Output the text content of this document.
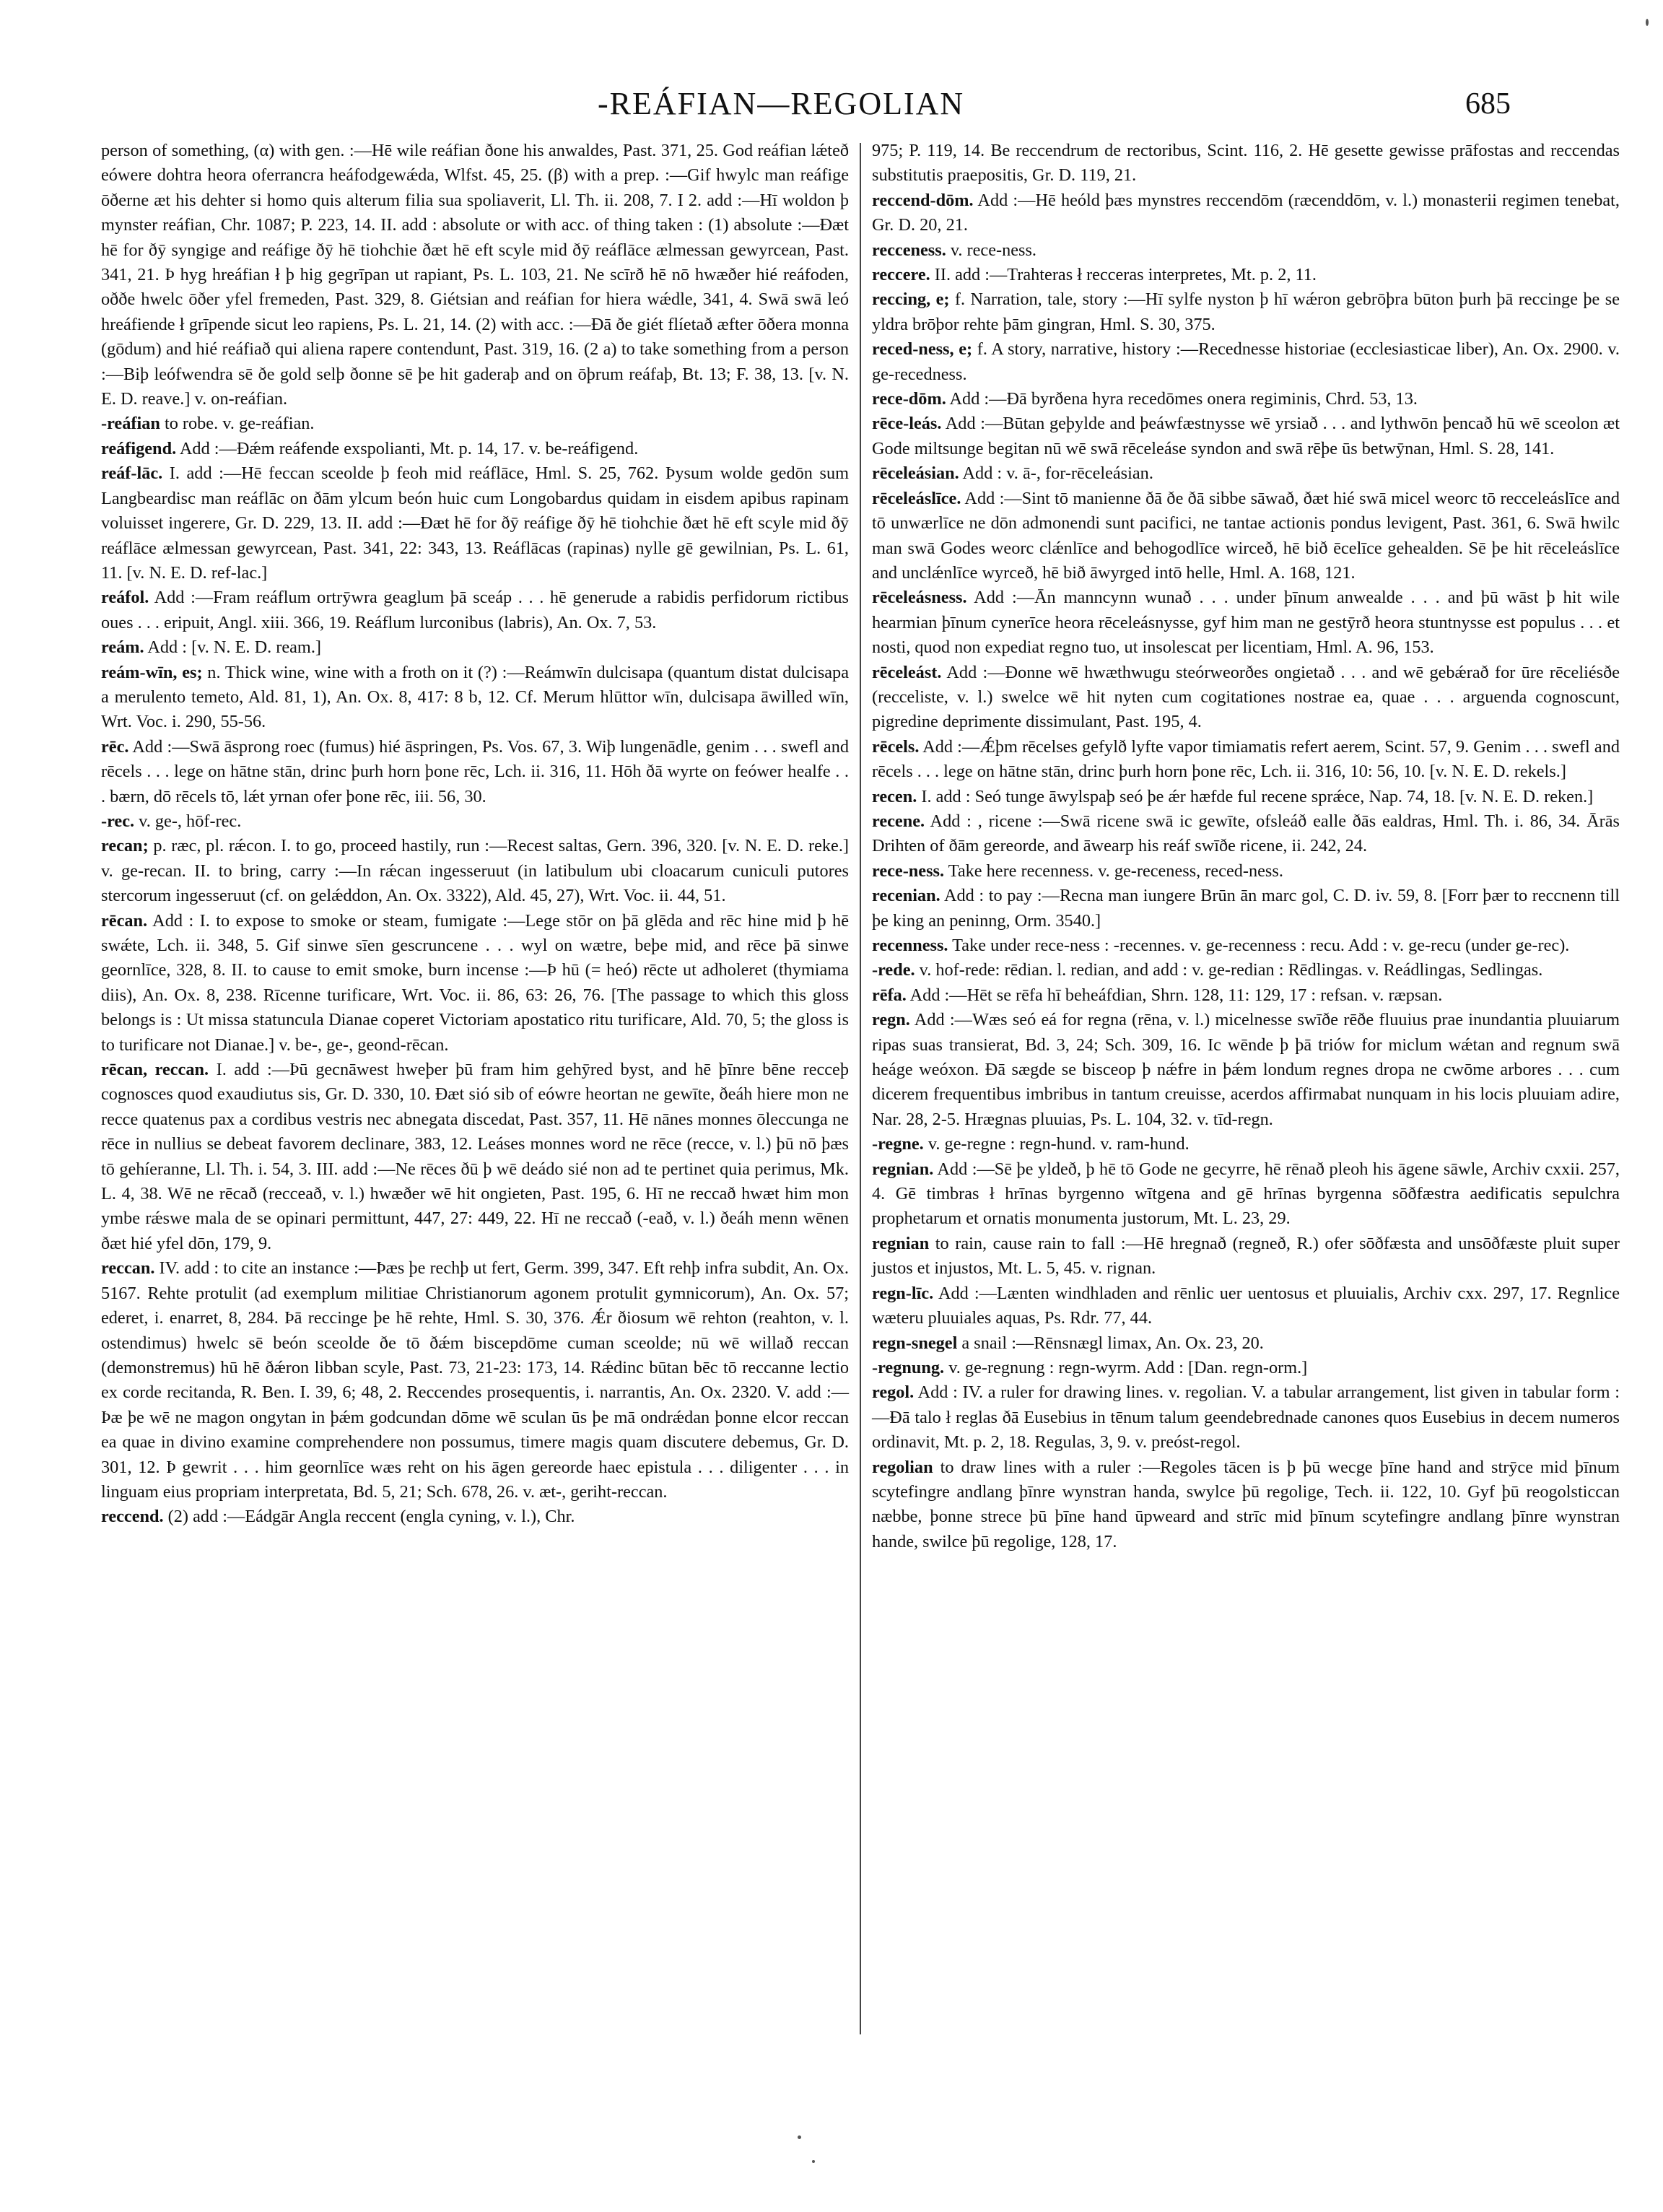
-REÁFIAN—REGOLIAN	685

person of something, (α) with gen. :—Hē wile reáfian ðone his anwaldes, Past. 371, 25. God reáfian lǽteð eówere dohtra heora oferrancra heáfodgewǽda, Wlfst. 45, 25. (β) with a prep. :—Gif hwylc man reáfige ōðerne æt his dehter si homo quis alterum filia sua spoliaverit, Ll. Th. ii. 208, 7. I 2. add :—Hī woldon þ mynster reáfian, Chr. 1087; P. 223, 14. II. add : absolute or with acc. of thing taken : (1) absolute :—Ðæt hē for ðȳ syngige and reáfige ðȳ hē tiohchie ðæt hē eft scyle mid ðȳ reáflāce ælmessan gewyrcean, Past. 341, 21. Þ hyg hreáfian ł þ hig gegrīpan ut rapiant, Ps. L. 103, 21. Ne scīrð hē nō hwæðer hié reáfoden, oððe hwelc ōðer yfel fremeden, Past. 329, 8. Giétsian and reáfian for hiera wǽdle, 341, 4. Swā swā leó hreáfiende ł grīpende sicut leo rapiens, Ps. L. 21, 14. (2) with acc. :—Ðā ðe giét flíetað æfter ōðera monna (gōdum) and hié reáfiað qui aliena rapere contendunt, Past. 319, 16. (2 a) to take something from a person :—Biþ leófwendra sē ðe gold selþ ðonne sē þe hit gaderaþ and on ōþrum reáfaþ, Bt. 13; F. 38, 13. [v. N. E. D. reave.] v. on-reáfian.

-reáfian to robe. v. ge-reáfian.

reáfigend. Add :—Ðǽm reáfende exspolianti, Mt. p. 14, 17. v. be-reáfigend.

reáf-lāc. I. add :—Hē feccan sceolde þ feoh mid reáflāce, Hml. S. 25, 762. Þysum wolde gedōn sum Langbeardisc man reáflāc on ðām ylcum beón huic cum Longobardus quidam in eisdem apibus rapinam voluisset ingerere, Gr. D. 229, 13. II. add :—Ðæt hē for ðȳ reáfige ðȳ hē tiohchie ðæt hē eft scyle mid ðȳ reáflāce ælmessan gewyrcean, Past. 341, 22: 343, 13. Reáflācas (rapinas) nylle gē gewilnian, Ps. L. 61, 11. [v. N. E. D. ref-lac.]

reáfol. Add :—Fram reáflum ortrȳwra geaglum þā sceáp . . . hē generude a rabidis perfidorum rictibus oues . . . eripuit, Angl. xiii. 366, 19. Reáflum lurconibus (labris), An. Ox. 7, 53.

reám. Add : [v. N. E. D. ream.]

reám-wīn, es; n. Thick wine, wine with a froth on it (?) :—Reámwīn dulcisapa (quantum distat dulcisapa a merulento temeto, Ald. 81, 1), An. Ox. 8, 417: 8 b, 12. Cf. Merum hlūttor wīn, dulcisapa āwilled wīn, Wrt. Voc. i. 290, 55-56.

rēc. Add :—Swā āsprong roec (fumus) hié āspringen, Ps. Vos. 67, 3. Wiþ lungenādle, genim . . . swefl and rēcels . . . lege on hātne stān, drinc þurh horn þone rēc, Lch. ii. 316, 11. Hōh ðā wyrte on feówer healfe . . . bærn, dō rēcels tō, lǽt yrnan ofer þone rēc, iii. 56, 30.

-rec. v. ge-, hōf-rec.

recan; p. ræc, pl. rǽcon. I. to go, proceed hastily, run :—Recest saltas, Gern. 396, 320. [v. N. E. D. reke.] v. ge-recan. II. to bring, carry :—In rǽcan ingesseruut (in latibulum ubi cloacarum cuniculi putores stercorum ingesseruut (cf. on gelǽddon, An. Ox. 3322), Ald. 45, 27), Wrt. Voc. ii. 44, 51.

rēcan. Add : I. to expose to smoke or steam, fumigate :—Lege stōr on þā glēda and rēc hine mid þ hē swǽte, Lch. ii. 348, 5. Gif sinwe sīen gescruncene . . . wyl on wætre, beþe mid, and rēce þā sinwe geornlīce, 328, 8. II. to cause to emit smoke, burn incense :—Þ hū (= heó) rēcte ut adholeret (thymiama diis), An. Ox. 8, 238. Rīcenne turificare, Wrt. Voc. ii. 86, 63: 26, 76. [The passage to which this gloss belongs is : Ut missa statuncula Dianae coperet Victoriam apostatico ritu turificare, Ald. 70, 5; the gloss is to turificare not Dianae.] v. be-, ge-, geond-rēcan.

rēcan, reccan. I. add :—Þū gecnāwest hweþer þū fram him gehȳred byst, and hē þīnre bēne recceþ cognosces quod exaudiutus sis, Gr. D. 330, 10. Ðæt sió sib of eówre heortan ne gewīte, ðeáh hiere mon ne recce quatenus pax a cordibus vestris nec abnegata discedat, Past. 357, 11. Hē nānes monnes ōleccunga ne rēce in nullius se debeat favorem declinare, 383, 12. Leáses monnes word ne rēce (recce, v. l.) þū nō þæs tō gehíeranne, Ll. Th. i. 54, 3. III. add :—Ne rēces ðū þ wē deádo sié non ad te pertinet quia perimus, Mk. L. 4, 38. Wē ne rēcað (recceað, v. l.) hwæðer wē hit ongieten, Past. 195, 6. Hī ne reccað hwæt him mon ymbe rǽswe mala de se opinari permittunt, 447, 27: 449, 22. Hī ne reccað (-eað, v. l.) ðeáh menn wēnen ðæt hié yfel dōn, 179, 9.

reccan. IV. add : to cite an instance :—Þæs þe rechþ ut fert, Germ. 399, 347. Eft rehþ infra subdit, An. Ox. 5167. Rehte protulit (ad exemplum militiae Christianorum agonem protulit gymnicorum), An. Ox. 57; ederet, i. enarret, 8, 284. Þā reccinge þe hē rehte, Hml. S. 30, 376. Ǽr ðiosum wē rehton (reahton, v. l. ostendimus) hwelc sē beón sceolde ðe tō ðǽm biscepdōme cuman sceolde; nū wē willað reccan (demonstremus) hū hē ðǽron libban scyle, Past. 73, 21-23: 173, 14. Rǽdinc būtan bēc tō reccanne lectio ex corde recitanda, R. Ben. I. 39, 6; 48, 2. Reccendes prosequentis, i. narrantis, An. Ox. 2320. V. add :—Þæ þe wē ne magon ongytan in þǽm godcundan dōme wē sculan ūs þe mā ondrǽdan þonne elcor reccan ea quae in divino examine comprehendere non possumus, timere magis quam discutere debemus, Gr. D. 301, 12. Þ gewrit . . . him geornlīce wæs reht on his āgen gereorde haec epistula . . . diligenter . . . in linguam eius propriam interpretata, Bd. 5, 21; Sch. 678, 26. v. æt-, geriht-reccan.

reccend. (2) add :—Eádgār Angla reccent (engla cyning, v. l.), Chr.

975; P. 119, 14. Be reccendrum de rectoribus, Scint. 116, 2. Hē gesette gewisse prāfostas and reccendas substitutis praepositis, Gr. D. 119, 21.

reccend-dōm. Add :—Hē heóld þæs mynstres reccendōm (ræcenddōm, v. l.) monasterii regimen tenebat, Gr. D. 20, 21.

recceness. v. rece-ness.

reccere. II. add :—Trahteras ł recceras interpretes, Mt. p. 2, 11.

reccing, e; f. Narration, tale, story :—Hī sylfe nyston þ hī wǽron gebrōþra būton þurh þā reccinge þe se yldra brōþor rehte þām gingran, Hml. S. 30, 375.

reced-ness, e; f. A story, narrative, history :—Recednesse historiae (ecclesiasticae liber), An. Ox. 2900. v. ge-recedness.

rece-dōm. Add :—Ðā byrðena hyra recedōmes onera regiminis, Chrd. 53, 13.

rēce-leás. Add :—Būtan geþylde and þeáwfæstnysse wē yrsiað . . . and lythwōn þencað hū wē sceolon æt Gode miltsunge begitan nū wē swā rēceleáse syndon and swā rēþe ūs betwȳnan, Hml. S. 28, 141.

rēceleásian. Add : v. ā-, for-rēceleásian.

rēceleáslīce. Add :—Sint tō manienne ðā ðe ðā sibbe sāwað, ðæt hié swā micel weorc tō recceleáslīce and tō unwærlīce ne dōn admonendi sunt pacifici, ne tantae actionis pondus levigent, Past. 361, 6. Swā hwilc man swā Godes weorc clǽnlīce and behogodlīce wirceð, hē bið ēcelīce gehealden. Sē þe hit rēceleáslīce and unclǽnlīce wyrceð, hē bið āwyrged intō helle, Hml. A. 168, 121.

rēceleásness. Add :—Ān manncynn wunað . . . under þīnum anwealde . . . and þū wāst þ hit wile hearmian þīnum cynerīce heora rēceleásnysse, gyf him man ne gestȳrð heora stuntnysse est populus . . . et nosti, quod non expediat regno tuo, ut insolescat per licentiam, Hml. A. 96, 153.

rēceleást. Add :—Ðonne wē hwæthwugu steórweorðes ongietað . . . and wē gebǽrað for ūre rēceliésðe (recceliste, v. l.) swelce wē hit nyten cum cogitationes nostrae ea, quae . . . arguenda cognoscunt, pigredine deprimente dissimulant, Past. 195, 4.

rēcels. Add :—Ǽþm rēcelses gefylð lyfte vapor timiamatis refert aerem, Scint. 57, 9. Genim . . . swefl and rēcels . . . lege on hātne stān, drinc þurh horn þone rēc, Lch. ii. 316, 10: 56, 10. [v. N. E. D. rekels.]

recen. I. add : Seó tunge āwylspaþ seó þe ǽr hæfde ful recene sprǽce, Nap. 74, 18. [v. N. E. D. reken.]

recene. Add : , ricene :—Swā ricene swā ic gewīte, ofsleáð ealle ðās ealdras, Hml. Th. i. 86, 34. Ārās Drihten of ðām gereorde, and āwearp his reáf swīðe ricene, ii. 242, 24.

rece-ness. Take here recenness. v. ge-receness, reced-ness.

recenian. Add : to pay :—Recna man iungere Brūn ān marc gol, C. D. iv. 59, 8. [Forr þær to reccnenn till þe king an peninng, Orm. 3540.]

recenness. Take under rece-ness : -recennes. v. ge-recenness : recu. Add : v. ge-recu (under ge-rec).

-rede. v. hof-rede: rēdian. l. redian, and add : v. ge-redian : Rēdlingas. v. Reádlingas, Sedlingas.

rēfa. Add :—Hēt se rēfa hī beheáfdian, Shrn. 128, 11: 129, 17 : refsan. v. ræpsan.

regn. Add :—Wæs seó eá for regna (rēna, v. l.) micelnesse swīðe rēðe fluuius prae inundantia pluuiarum ripas suas transierat, Bd. 3, 24; Sch. 309, 16. Ic wēnde þ þā triów for miclum wǽtan and regnum swā heáge weóxon. Ðā sægde se bisceop þ nǽfre in þǽm londum regnes dropa ne cwōme arbores . . . cum dicerem frequentibus imbribus in tantum creuisse, acerdos affirmabat nunquam in his locis pluuiam adire, Nar. 28, 2-5. Hrægnas pluuias, Ps. L. 104, 32. v. tīd-regn.

-regne. v. ge-regne : regn-hund. v. ram-hund.

regnian. Add :—Sē þe yldeð, þ hē tō Gode ne gecyrre, hē rēnað pleoh his āgene sāwle, Archiv cxxii. 257, 4. Gē timbras ł hrīnas byrgenno wītgena and gē hrīnas byrgenna sōðfæstra aedificatis sepulchra prophetarum et ornatis monumenta justorum, Mt. L. 23, 29.

regnian to rain, cause rain to fall :—Hē hregnað (regneð, R.) ofer sōðfæsta and unsōðfæste pluit super justos et injustos, Mt. L. 5, 45. v. rignan.

regn-līc. Add :—Lænten windhladen and rēnlic uer uentosus et pluuialis, Archiv cxx. 297, 17. Regnlice wæteru pluuiales aquas, Ps. Rdr. 77, 44.

regn-snegel a snail :—Rēnsnægl limax, An. Ox. 23, 20.

-regnung. v. ge-regnung : regn-wyrm. Add : [Dan. regn-orm.]

regol. Add : IV. a ruler for drawing lines. v. regolian. V. a tabular arrangement, list given in tabular form :—Ðā talo ł reglas ðā Eusebius in tēnum talum geendebrednade canones quos Eusebius in decem numeros ordinavit, Mt. p. 2, 18. Regulas, 3, 9. v. preóst-regol.

regolian to draw lines with a ruler :—Regoles tācen is þ þū wecge þīne hand and strȳce mid þīnum scytefingre andlang þīnre wynstran handa, swylce þū regolige, Tech. ii. 122, 10. Gyf þū reogolsticcan næbbe, þonne strece þū þīne hand ūpweard and strīc mid þīnum scytefingre andlang þīnre wynstran hande, swilce þū regolige, 128, 17.
